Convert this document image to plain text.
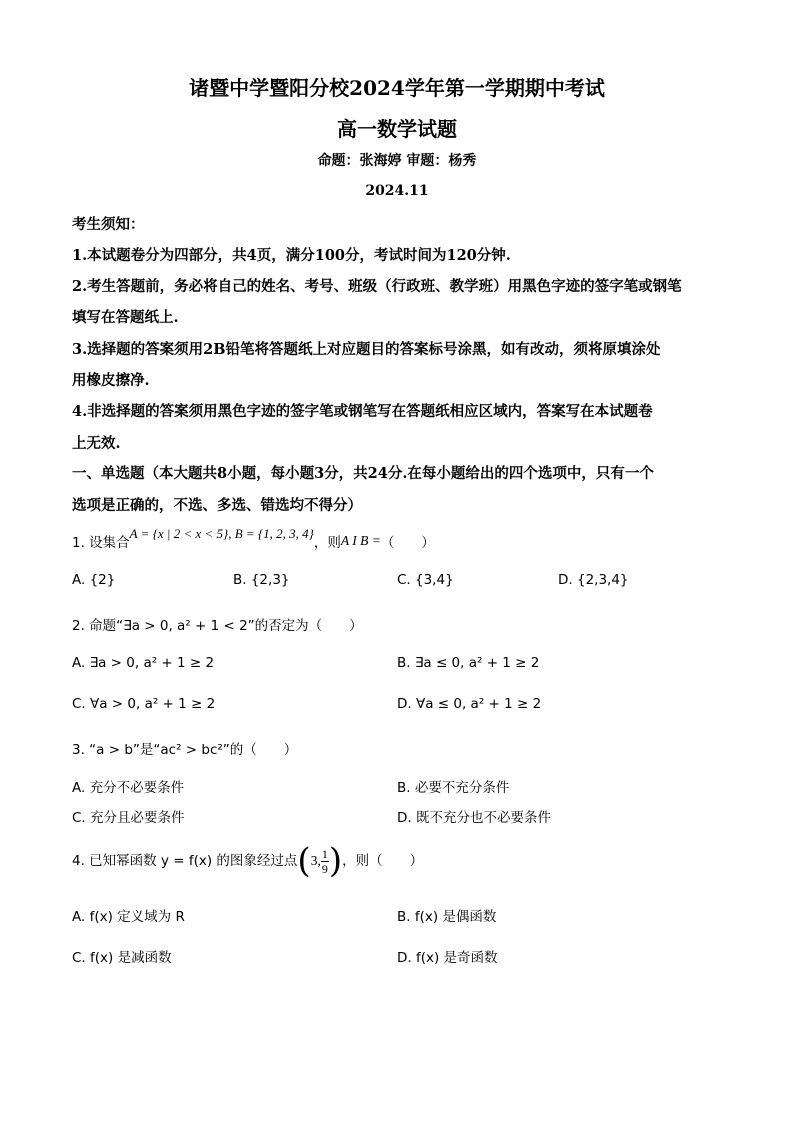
诸暨中学暨阳分校2024学年第一学期期中考试
高一数学试题
命题：张海婷 审题：杨秀
2024.11
考生须知：
1.本试题卷分为四部分，共4页，满分100分，考试时间为120分钟.
2.考生答题前，务必将自己的姓名、考号、班级（行政班、教学班）用黑色字迹的签字笔或钢笔
填写在答题纸上.
3.选择题的答案须用2B铅笔将答题纸上对应题目的答案标号涂黑，如有改动，须将原填涂处
用橡皮擦净.
4.非选择题的答案须用黑色字迹的签字笔或钢笔写在答题纸相应区域内，答案写在本试题卷
上无效.
一、单选题（本大题共8小题，每小题3分，共24分.在每小题给出的四个选项中，只有一个
选项是正确的，不选、多选、错选均不得分）
1. 设集合A = {x | 2 < x < 5}, B = {1, 2, 3, 4}，则A I B =（　　）
A. {2}	B. {2,3}	C. {3,4}	D. {2,3,4}
2. 命题“∃a > 0, a² + 1 < 2”的否定为（　　）
A. ∃a > 0, a² + 1 ≥ 2	B. ∃a ≤ 0, a² + 1 ≥ 2
C. ∀a > 0, a² + 1 ≥ 2	D. ∀a ≤ 0, a² + 1 ≥ 2
3. “a > b”是“ac² > bc²”的（　　）
A. 充分不必要条件	B. 必要不充分条件
C. 充分且必要条件	D. 既不充分也不必要条件
4. 已知幂函数 y = f(x) 的图象经过点(3, $\frac{1}{9}$ )，则（　　）
A. f(x) 定义域为 R	B. f(x) 是偶函数
C. f(x) 是减函数	D. f(x) 是奇函数
